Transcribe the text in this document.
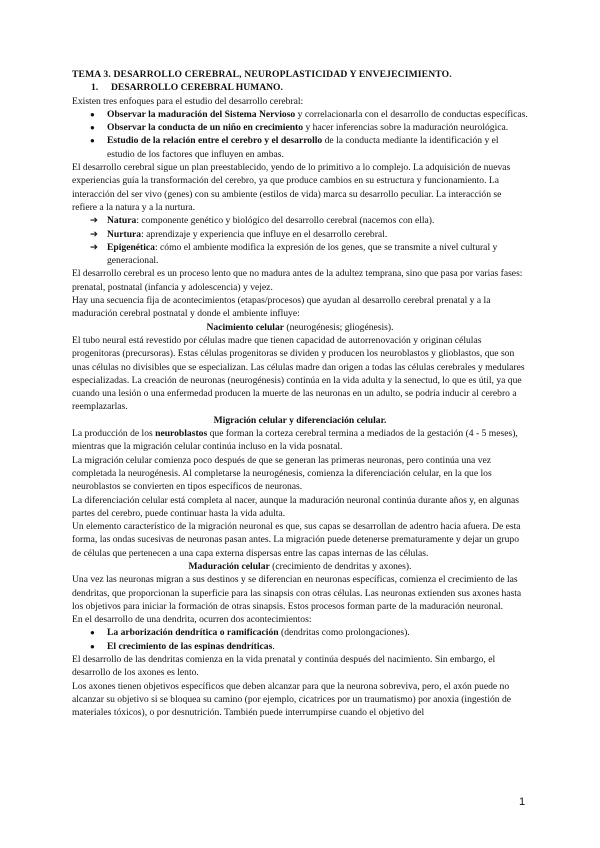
TEMA 3. DESARROLLO CEREBRAL, NEUROPLASTICIDAD Y ENVEJECIMIENTO.

1. DESARROLLO CEREBRAL HUMANO.

Existen tres enfoques para el estudio del desarrollo cerebral:

● Observar la maduración del Sistema Nervioso y correlacionarla con el desarrollo de conductas específicas.
● Observar la conducta de un niño en crecimiento y hacer inferencias sobre la maduración neurológica.
● Estudio de la relación entre el cerebro y el desarrollo de la conducta mediante la identificación y el estudio de los factores que influyen en ambas.

El desarrollo cerebral sigue un plan preestablecido, yendo de lo primitivo a lo complejo. La adquisición de nuevas experiencias guía la transformación del cerebro, ya que produce cambios en su estructura y funcionamiento. La interacción del ser vivo (genes) con su ambiente (estilos de vida) marca su desarrollo peculiar. La interacción se refiere a la natura y a la nurtura.

➔ Natura: componente genético y biológico del desarrollo cerebral (nacemos con ella).
➔ Nurtura: aprendizaje y experiencia que influye en el desarrollo cerebral.
➔ Epigenética: cómo el ambiente modifica la expresión de los genes, que se transmite a nivel cultural y generacional.

El desarrollo cerebral es un proceso lento que no madura antes de la adultez temprana, sino que pasa por varias fases: prenatal, postnatal (infancia y adolescencia) y vejez.

Hay una secuencia fija de acontecimientos (etapas/procesos) que ayudan al desarrollo cerebral prenatal y a la maduración cerebral postnatal y donde el ambiente influye:

Nacimiento celular (neurogénesis; gliogénesis).

El tubo neural está revestido por células madre que tienen capacidad de autorrenovación y originan células progenitoras (precursoras). Estas células progenitoras se dividen y producen los neuroblastos y glioblastos, que son unas células no divisibles que se especializan. Las células madre dan origen a todas las células cerebrales y medulares especializadas. La creación de neuronas (neurogénesis) continúa en la vida adulta y la senectud, lo que es útil, ya que cuando una lesión o una enfermedad producen la muerte de las neuronas en un adulto, se podría inducir al cerebro a reemplazarlas.

Migración celular y diferenciación celular.

La producción de los neuroblastos que forman la corteza cerebral termina a mediados de la gestación (4 - 5 meses), mientras que la migración celular continúa incluso en la vida posnatal.

La migración celular comienza poco después de que se generan las primeras neuronas, pero continúa una vez completada la neurogénesis. Al completarse la neurogénesis, comienza la diferenciación celular, en la que los neuroblastos se convierten en tipos específicos de neuronas.

La diferenciación celular está completa al nacer, aunque la maduración neuronal continúa durante años y, en algunas partes del cerebro, puede continuar hasta la vida adulta.

Un elemento característico de la migración neuronal es que, sus capas se desarrollan de adentro hacia afuera. De esta forma, las ondas sucesivas de neuronas pasan antes. La migración puede detenerse prematuramente y dejar un grupo de células que pertenecen a una capa externa dispersas entre las capas internas de las células.

Maduración celular (crecimiento de dendritas y axones).

Una vez las neuronas migran a sus destinos y se diferencian en neuronas específicas, comienza el crecimiento de las dendritas, que proporcionan la superficie para las sinapsis con otras células. Las neuronas extienden sus axones hasta los objetivos para iniciar la formación de otras sinapsis. Estos procesos forman parte de la maduración neuronal.

En el desarrollo de una dendrita, ocurren dos acontecimientos:

● La arborización dendrítica o ramificación (dendritas como prolongaciones).
● El crecimiento de las espinas dendríticas.

El desarrollo de las dendritas comienza en la vida prenatal y continúa después del nacimiento. Sin embargo, el desarrollo de los axones es lento.

Los axones tienen objetivos específicos que deben alcanzar para que la neurona sobreviva, pero, el axón puede no alcanzar su objetivo si se bloquea su camino (por ejemplo, cicatrices por un traumatismo) por anoxia (ingestión de materiales tóxicos), o por desnutrición. También puede interrumpirse cuando el objetivo del

1
